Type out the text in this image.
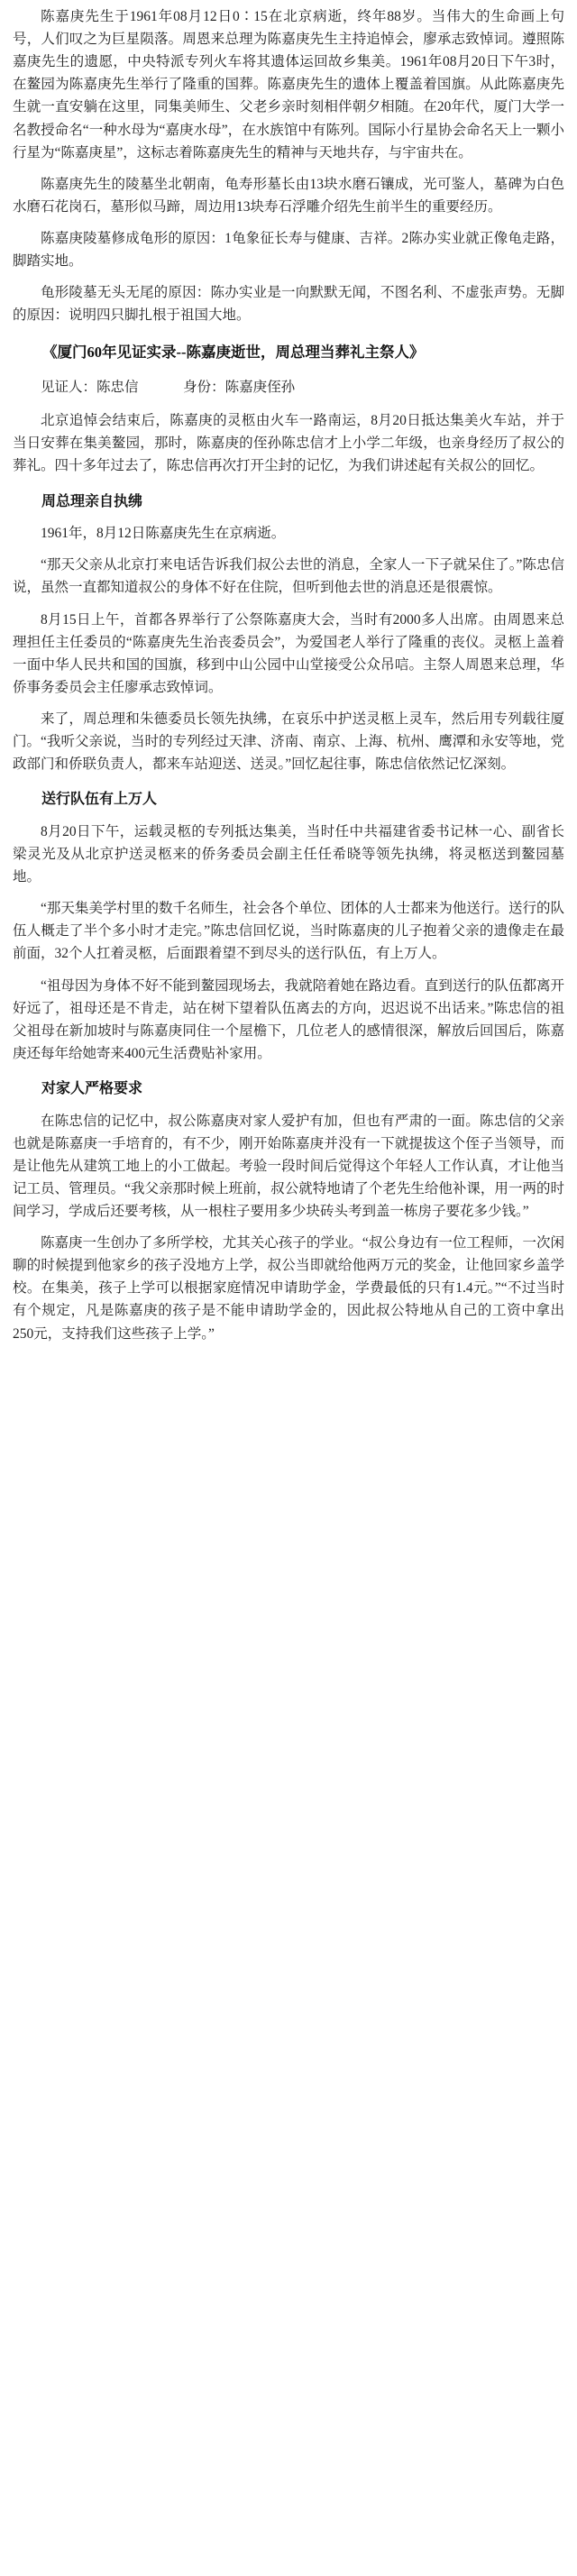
陈嘉庚先生于1961年08月12日0∶15在北京病逝，终年88岁。当伟大的生命画上句号，人们叹之为巨星陨落。周恩来总理为陈嘉庚先生主持追悼会，廖承志致悼词。遵照陈嘉庚先生的遗愿，中央特派专列火车将其遗体运回故乡集美。1961年08月20日下午3时，在鳌园为陈嘉庚先生举行了隆重的国葬。陈嘉庚先生的遗体上覆盖着国旗。从此陈嘉庚先生就一直安躺在这里，同集美师生、父老乡亲时刻相伴朝夕相随。在20年代，厦门大学一名教授命名“一种水母为“嘉庚水母”，在水族馆中有陈列。国际小行星协会命名天上一颗小行星为“陈嘉庚星”，这标志着陈嘉庚先生的精神与天地共存，与宇宙共在。

陈嘉庚先生的陵墓坐北朝南，龟寿形墓长由13块水磨石镶成，光可鉴人，墓碑为白色水磨石花岗石，墓形似马蹄，周边用13块寿石浮雕介绍先生前半生的重要经历。

陈嘉庚陵墓修成龟形的原因：1龟象征长寿与健康、吉祥。2陈办实业就正像龟走路，脚踏实地。

龟形陵墓无头无尾的原因：陈办实业是一向默默无闻，不图名利、不虚张声势。无脚的原因：说明四只脚扎根于祖国大地。

《厦门60年见证实录--陈嘉庚逝世，周总理当葬礼主祭人》

见证人：陈忠信	身份：陈嘉庚侄孙

北京追悼会结束后，陈嘉庚的灵柩由火车一路南运，8月20日抵达集美火车站，并于当日安葬在集美鳌园，那时，陈嘉庚的侄孙陈忠信才上小学二年级，也亲身经历了叔公的葬礼。四十多年过去了，陈忠信再次打开尘封的记忆，为我们讲述起有关叔公的回忆。

周总理亲自执绋

1961年，8月12日陈嘉庚先生在京病逝。

“那天父亲从北京打来电话告诉我们叔公去世的消息，全家人一下子就呆住了。”陈忠信说，虽然一直都知道叔公的身体不好在住院，但听到他去世的消息还是很震惊。

8月15日上午，首都各界举行了公祭陈嘉庚大会，当时有2000多人出席。由周恩来总理担任主任委员的“陈嘉庚先生治丧委员会”，为爱国老人举行了隆重的丧仪。灵柩上盖着一面中华人民共和国的国旗，移到中山公园中山堂接受公众吊唁。主祭人周恩来总理，华侨事务委员会主任廖承志致悼词。

来了，周总理和朱德委员长领先执绋，在哀乐中护送灵柩上灵车，然后用专列载往厦门。“我听父亲说，当时的专列经过天津、济南、南京、上海、杭州、鹰潭和永安等地，党政部门和侨联负责人，都来车站迎送、送灵。”回忆起往事，陈忠信依然记忆深刻。

送行队伍有上万人

8月20日下午，运载灵柩的专列抵达集美，当时任中共福建省委书记林一心、副省长梁灵光及从北京护送灵柩来的侨务委员会副主任任希晓等领先执绋，将灵柩送到鳌园墓地。

“那天集美学村里的数千名师生，社会各个单位、团体的人士都来为他送行。送行的队伍人概走了半个多小时才走完。”陈忠信回忆说，当时陈嘉庚的儿子抱着父亲的遗像走在最前面，32个人扛着灵柩，后面跟着望不到尽头的送行队伍，有上万人。

“祖母因为身体不好不能到鳌园现场去，我就陪着她在路边看。直到送行的队伍都离开好远了，祖母还是不肯走，站在树下望着队伍离去的方向，迟迟说不出话来。”陈忠信的祖父祖母在新加坡时与陈嘉庚同住一个屋檐下，几位老人的感情很深，解放后回国后，陈嘉庚还每年给她寄来400元生活费贴补家用。

对家人严格要求

在陈忠信的记忆中，叔公陈嘉庚对家人爱护有加，但也有严肃的一面。陈忠信的父亲也就是陈嘉庚一手培育的，有不少，刚开始陈嘉庚并没有一下就提拔这个侄子当领导，而是让他先从建筑工地上的小工做起。考验一段时间后觉得这个年轻人工作认真，才让他当记工员、管理员。“我父亲那时候上班前，叔公就特地请了个老先生给他补课，用一两的时间学习，学成后还要考核，从一根柱子要用多少块砖头考到盖一栋房子要花多少钱。”

陈嘉庚一生创办了多所学校，尤其关心孩子的学业。“叔公身边有一位工程师，一次闲聊的时候提到他家乡的孩子没地方上学，叔公当即就给他两万元的奖金，让他回家乡盖学校。在集美，孩子上学可以根据家庭情况申请助学金，学费最低的只有1.4元。”“不过当时有个规定，凡是陈嘉庚的孩子是不能申请助学金的，因此叔公特地从自己的工资中拿出250元，支持我们这些孩子上学。”
